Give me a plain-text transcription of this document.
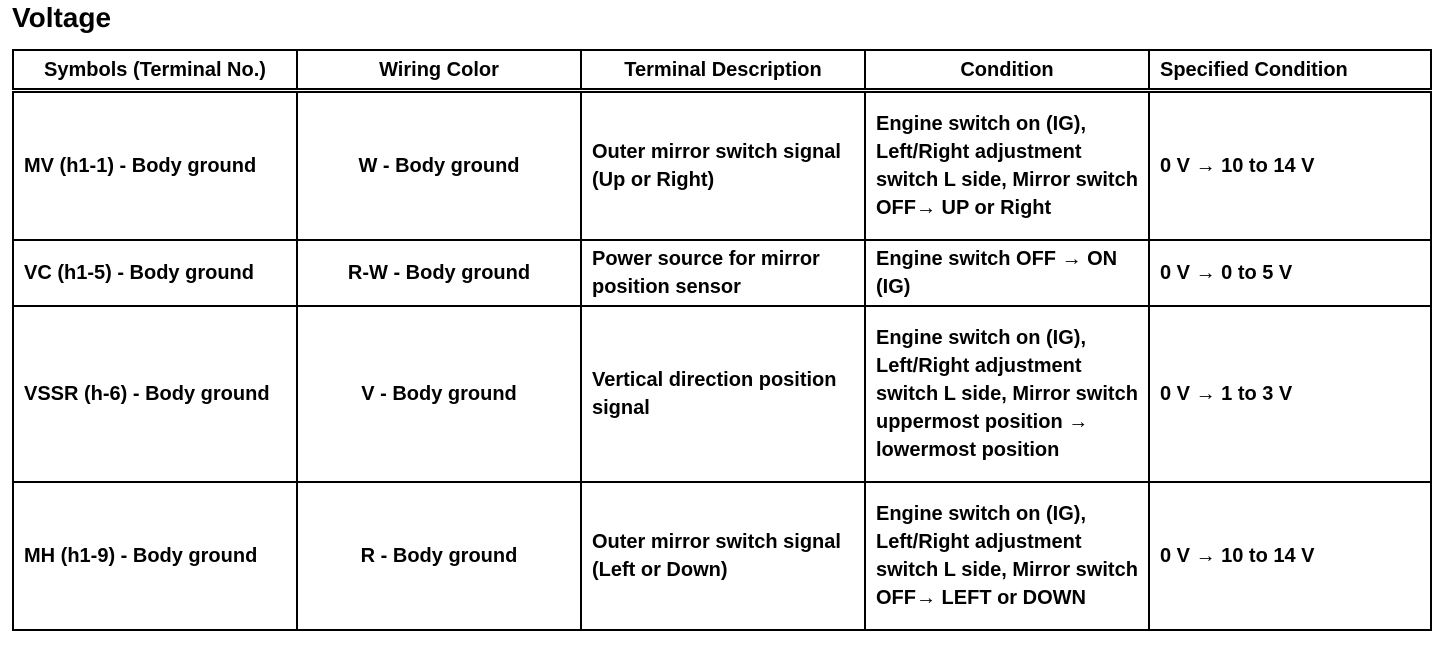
Voltage
Symbols (Terminal No.)	Wiring Color	Terminal Description	Condition	Specified Condition
MV (h1-1) - Body ground	W - Body ground	Outer mirror switch signal (Up or Right)	Engine switch on (IG), Left/Right adjustment switch L side, Mirror switch OFF→ UP or Right	0 V → 10 to 14 V
VC (h1-5) - Body ground	R-W - Body ground	Power source for mirror position sensor	Engine switch OFF → ON (IG)	0 V → 0 to 5 V
VSSR (h-6) - Body ground	V - Body ground	Vertical direction position signal	Engine switch on (IG), Left/Right adjustment switch L side, Mirror switch uppermost position → lowermost position	0 V → 1 to 3 V
MH (h1-9) - Body ground	R - Body ground	Outer mirror switch signal (Left or Down)	Engine switch on (IG), Left/Right adjustment switch L side, Mirror switch OFF→ LEFT or DOWN	0 V → 10 to 14 V
